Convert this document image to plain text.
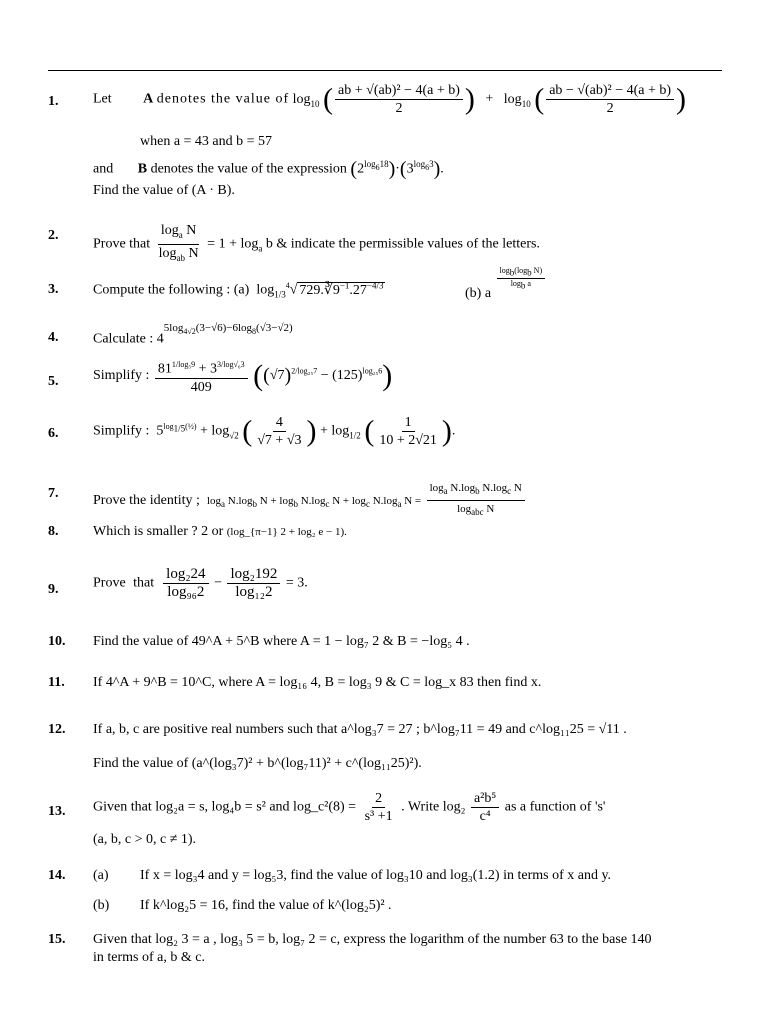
1. Let A denotes the value of $\log_{10}$ ( $\frac{\text{ab + √(ab)² − 4(a + b)}}{2}$ ) + $\log_{10}$ ( $\frac{\text{ab − √(ab)² − 4(a + b)}}{2}$ )
when a = 43 and b = 57
and B denotes the value of the expression $(2^{log_618})\cdot(3^{log_63})$.
Find the value of (A · B).
2.
Prove that $\frac{\log_a N}{\log_{ab} N} = 1 + \log_a b$ & indicate the permissible values of the letters.
3. Compute the following : (a)  $\log_{1/3}^4√$ $729.∛9^{-1}.27^{-4/3}$
(b) a
$\frac{\log_b(\log_b N)}{\log_b a}$
4. Calculate : $4^{5log_{4√2}(3-√6)-6log_8(√3-√2)}$
5. Simplify : $\frac{81^{1/log_59} + 3^{3/log√_63}}{409} ((√7)^{2/log_{25}7} - (125)^{log_{25}6})$
6. Simplify :  $5^{log_{1/5}(\frac{1}{2})} + \log_{√2}$ ( $\frac{4}{√7 + √3}$ ) + $\log_{1/2}$ ( $\frac{1}{10 + 2√21}$ ).
7. Prove the identity ; $\log_a N.\log_b$ $N + \log_b N.\log_c$ $N + \log_c N.\log_a$ $N = \frac{\log_a N.\log_b N.\log_c N}{\log_{abc} N}$
8. Which is smaller ? 2 or (log_{π−1} 2 + log₂ e − 1).
9. Prove that $\frac{\text{log₂24}}{\text{log₉₆2}} - \frac{\text{log₂192}}{\text{log₁₂2}} = 3$.
10. Find the value of 49^A + 5^B where A = 1 − log₇ 2 & B = −log₅ 4 .
11. If 4^A + 9^B = 10^C, where A = log₁₆ 4, B = log₃ 9 & C = log_x 83 then find x.
12. If a, b, c are positive real numbers such that a^log₃7 = 27 ; b^log₇11 = 49 and c^log₁₁25 = √11 .
Find the value of (a^(log₃7)² + b^(log₇11)² + c^(log₁₁25)²).
13. Given that log₂a = s, log₄b = s² and log_c²(8) = $\frac{2}{\text{s³ +1}}$ . Write $\log_2 \frac{\text{a²b⁵}}{\text{c⁴}}$ as a function of 's'
(a, b, c > 0, c ≠ 1).
14. (a)	If x = log₃4 and y = log₅3, find the value of log₃10 and log₃(1.2) in terms of x and y.
(b)	If k^log₂5 = 16, find the value of k^(log₂5)² .
15. Given that log₂ 3 = a , log₃ 5 = b, log₇ 2 = c, express the logarithm of the number 63 to the base 140
in terms of a, b & c.
